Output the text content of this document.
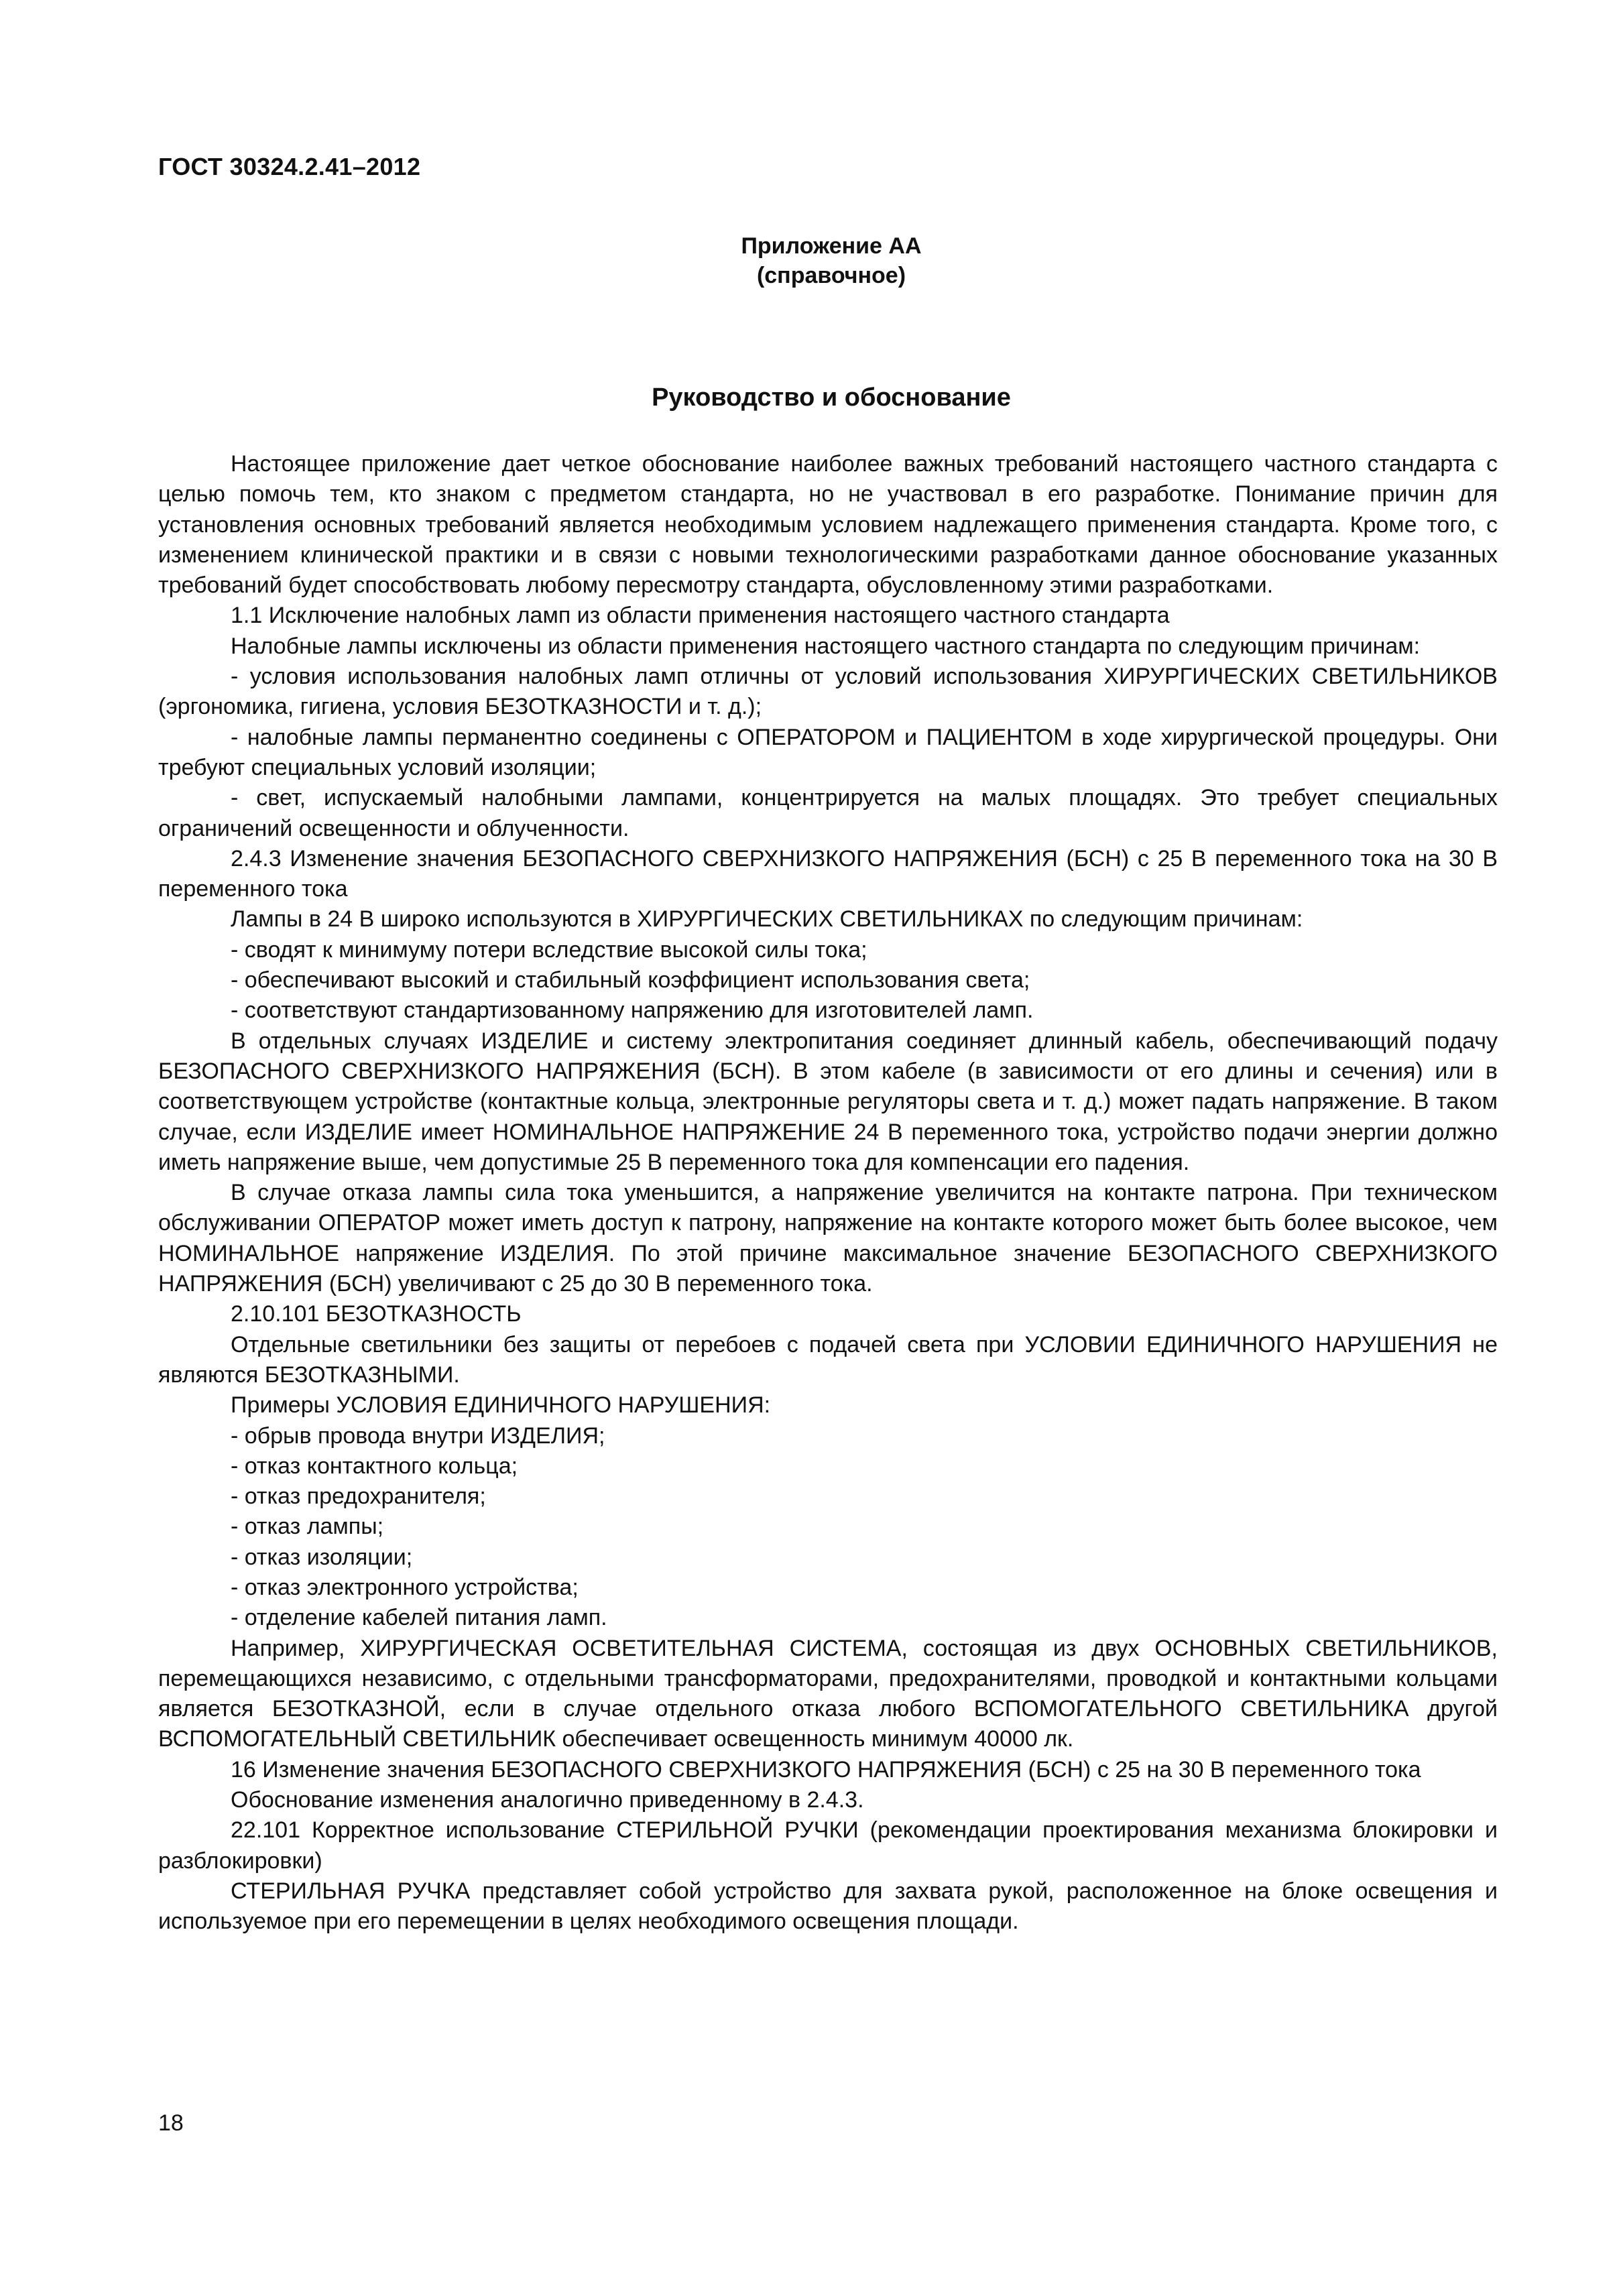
ГОСТ 30324.2.41–2012
Приложение АА
(справочное)
Руководство и обоснование

Настоящее приложение дает четкое обоснование наиболее важных требований настоящего частного стандарта с целью помочь тем, кто знаком с предметом стандарта, но не участвовал в его разработке. Понимание причин для установления основных требований является необходимым условием надлежащего применения стандарта. Кроме того, с изменением клинической практики и в связи с новыми технологическими разработками данное обоснование указанных требований будет способствовать любому пересмотру стандарта, обусловленному этими разработками.

1.1 Исключение налобных ламп из области применения настоящего частного стандарта

Налобные лампы исключены из области применения настоящего частного стандарта по следующим причинам:

- условия использования налобных ламп отличны от условий использования ХИРУРГИЧЕСКИХ СВЕТИЛЬНИКОВ (эргономика, гигиена, условия БЕЗОТКАЗНОСТИ и т. д.);

- налобные лампы перманентно соединены с ОПЕРАТОРОМ и ПАЦИЕНТОМ в ходе хирургической процедуры. Они требуют специальных условий изоляции;

- свет, испускаемый налобными лампами, концентрируется на малых площадях. Это требует специальных ограничений освещенности и облученности.

2.4.3 Изменение значения БЕЗОПАСНОГО СВЕРХНИЗКОГО НАПРЯЖЕНИЯ (БСН) с 25 В переменного тока на 30 В переменного тока

Лампы в 24 В широко используются в ХИРУРГИЧЕСКИХ СВЕТИЛЬНИКАХ по следующим причинам:

- сводят к минимуму потери вследствие высокой силы тока;

- обеспечивают высокий и стабильный коэффициент использования света;

- соответствуют стандартизованному напряжению для изготовителей ламп.

В отдельных случаях ИЗДЕЛИЕ и систему электропитания соединяет длинный кабель, обеспечивающий подачу БЕЗОПАСНОГО СВЕРХНИЗКОГО НАПРЯЖЕНИЯ (БСН). В этом кабеле (в зависимости от его длины и сечения) или в соответствующем устройстве (контактные кольца, электронные регуляторы света и т. д.) может падать напряжение. В таком случае, если ИЗДЕЛИЕ имеет НОМИНАЛЬНОЕ НАПРЯЖЕНИЕ 24 В переменного тока, устройство подачи энергии должно иметь напряжение выше, чем допустимые 25 В переменного тока для компенсации его падения.

В случае отказа лампы сила тока уменьшится, а напряжение увеличится на контакте патрона. При техническом обслуживании ОПЕРАТОР может иметь доступ к патрону, напряжение на контакте которого может быть более высокое, чем НОМИНАЛЬНОЕ напряжение ИЗДЕЛИЯ. По этой причине максимальное значение БЕЗОПАСНОГО СВЕРХНИЗКОГО НАПРЯЖЕНИЯ (БСН) увеличивают с 25 до 30 В переменного тока.

2.10.101 БЕЗОТКАЗНОСТЬ

Отдельные светильники без защиты от перебоев с подачей света при УСЛОВИИ ЕДИНИЧНОГО НАРУШЕНИЯ не являются БЕЗОТКАЗНЫМИ.

Примеры УСЛОВИЯ ЕДИНИЧНОГО НАРУШЕНИЯ:

- обрыв провода внутри ИЗДЕЛИЯ;

- отказ контактного кольца;

- отказ предохранителя;

- отказ лампы;

- отказ изоляции;

- отказ электронного устройства;

- отделение кабелей питания ламп.

Например, ХИРУРГИЧЕСКАЯ ОСВЕТИТЕЛЬНАЯ СИСТЕМА, состоящая из двух ОСНОВНЫХ СВЕТИЛЬНИКОВ, перемещающихся независимо, с отдельными трансформаторами, предохранителями, проводкой и контактными кольцами является БЕЗОТКАЗНОЙ, если в случае отдельного отказа любого ВСПОМОГАТЕЛЬНОГО СВЕТИЛЬНИКА другой ВСПОМОГАТЕЛЬНЫЙ СВЕТИЛЬНИК обеспечивает освещенность минимум 40000 лк.

16 Изменение значения БЕЗОПАСНОГО СВЕРХНИЗКОГО НАПРЯЖЕНИЯ (БСН) с 25 на 30 В переменного тока

Обоснование изменения аналогично приведенному в 2.4.3.

22.101 Корректное использование СТЕРИЛЬНОЙ РУЧКИ (рекомендации проектирования механизма блокировки и разблокировки)

СТЕРИЛЬНАЯ РУЧКА представляет собой устройство для захвата рукой, расположенное на блоке освещения и используемое при его перемещении в целях необходимого освещения площади.

18
